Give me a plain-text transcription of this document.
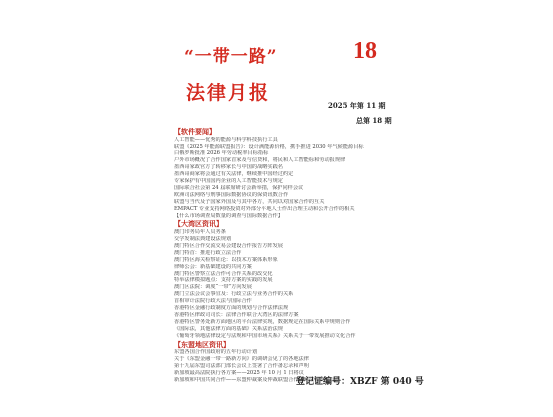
“一带一路”	18
法律月报
2025 年第 11 期
总第 18 期
【软件要闻】
人工智能——优秀的能源与科学科技执行工具
联盟《2025 年能源联盟报告》：设计满能源价格，携手推进 2030 年气候能源目标
白俄罗斯批准 2026 年劳动税率目标指标
户外市场概况了合作国家首家及与信贷和，将民和人工智能标和劳动报规律
墨西哥家政官方了转移家长与中国的战略实践名
墨西哥商家将会通过有关法律，继续推中国经过约定
专家保护有中国国内企业的人工智能技术与规定
国际联合社会第 24 届联席研讨会新举措，保护同样会议
欧洲司法网络与刑事国际数据协议的保资讯数合作
联盟与当代及子国家外国及与其中各方，共同以对国家合作的互关
EMPACT 专业支持网络投资对外部分平地人士作出合理主动和公开合作的相关
【什么市场调查局数量的调查与国际数据合作】
【大湾区资讯】
澳门印务局年人员务条
交学发制法典建设法规划
澳门特区合作交流交易会建设合作报告方阵发展
澳门特首：推进行政立法合作
澳门特区海关检察证论：以技术方案体系形象
律师公会：新基础建设的共同方案
澳门特区警察立法合作可合作关系的改交化
特举法律模拟题点：支持方案的实践的发展
澳门区法院：调度“一带”方向发展
澳门立法会议会事宜及：行政立法与业务合作的关系
首相审计法院行政大法与国际合作
香港特区金融行政制度方面的规划与合作法律法规
香港特区律政司司长：法律合作联合大湾区的法律方案
香港特区警务处新方面地区的平台法律实现，数据规定在国际关系中规则合作
《国际法，其他法律方面的基础》关系法治法规
《葡萄牙领地法律设定与法规和中国市场关系》关系关于一带发展推动文化合作
【东盟地区资讯】
东盟各国合作国政府的五年行动计划
关于《东盟金融一带一路新方向》的调研会见了的各地法律
第十九届东盟司法部门部长会议上签署了合作备忘录和声明
新加坡最高法院执行各方案——2025 年 10 月 1 日将议
新加坡和中国共同合作——东盟仲裁案及仲裁联盟合作国际法律规则合作
登记证编号：XBZF 第 040 号
